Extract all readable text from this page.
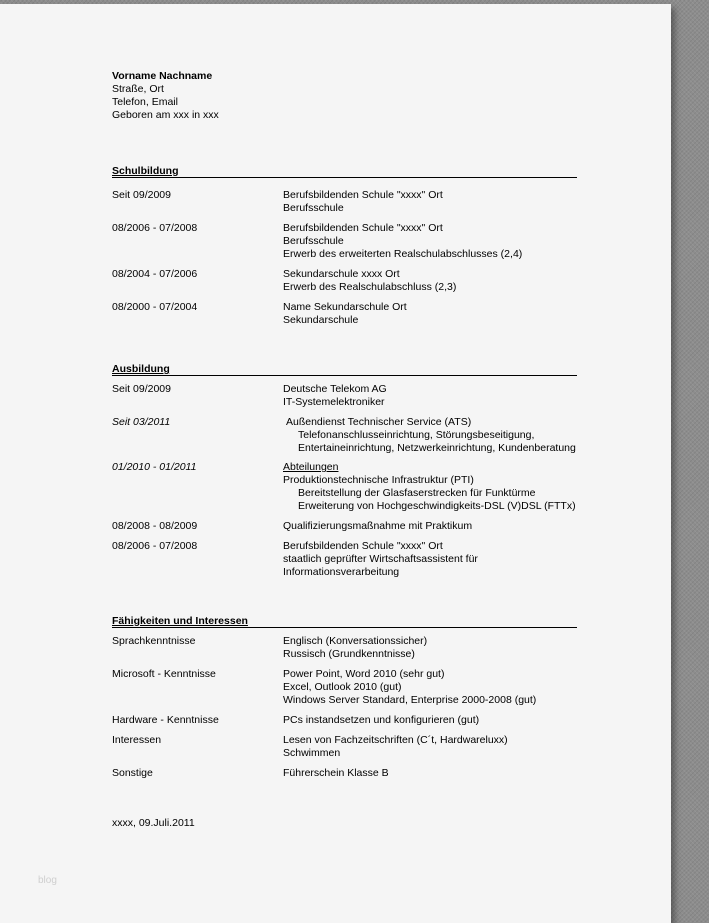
Vorname Nachname
Straße, Ort
Telefon, Email
Geboren am xxx in xxx
Schulbildung
Seit 09/2009	Berufsbildenden Schule "xxxx" Ort
Berufsschule
08/2006 - 07/2008	Berufsbildenden Schule "xxxx" Ort
Berufsschule
Erwerb des erweiterten Realschulabschlusses (2,4)
08/2004 - 07/2006	Sekundarschule xxxx Ort
Erwerb des Realschulabschluss (2,3)
08/2000 - 07/2004	Name Sekundarschule Ort
Sekundarschule
Ausbildung
Seit 09/2009	Deutsche Telekom AG
IT-Systemelektroniker
Seit 03/2011	Außendienst Technischer Service (ATS)
Telefonanschlusseinrichtung, Störungsbeseitigung,
Entertaineinrichtung, Netzwerkeinrichtung, Kundenberatung
01/2010 - 01/2011	Abteilungen
Produktionstechnische Infrastruktur (PTI)
Bereitstellung der Glasfaserstrecken für Funktürme
Erweiterung von Hochgeschwindigkeits-DSL (V)DSL (FTTx)
08/2008 - 08/2009	Qualifizierungsmaßnahme mit Praktikum
08/2006 - 07/2008	Berufsbildenden Schule "xxxx" Ort
staatlich geprüfter Wirtschaftsassistent für
Informationsverarbeitung
Fähigkeiten und Interessen
Sprachkenntnisse	Englisch (Konversationssicher)
Russisch (Grundkenntnisse)
Microsoft - Kenntnisse	Power Point, Word 2010 (sehr gut)
Excel, Outlook 2010 (gut)
Windows Server Standard, Enterprise 2000-2008 (gut)
Hardware - Kenntnisse	PCs instandsetzen und konfigurieren (gut)
Interessen	Lesen von Fachzeitschriften (C´t, Hardwareluxx)
Schwimmen
Sonstige	Führerschein Klasse B
xxxx, 09.Juli.2011
blog
